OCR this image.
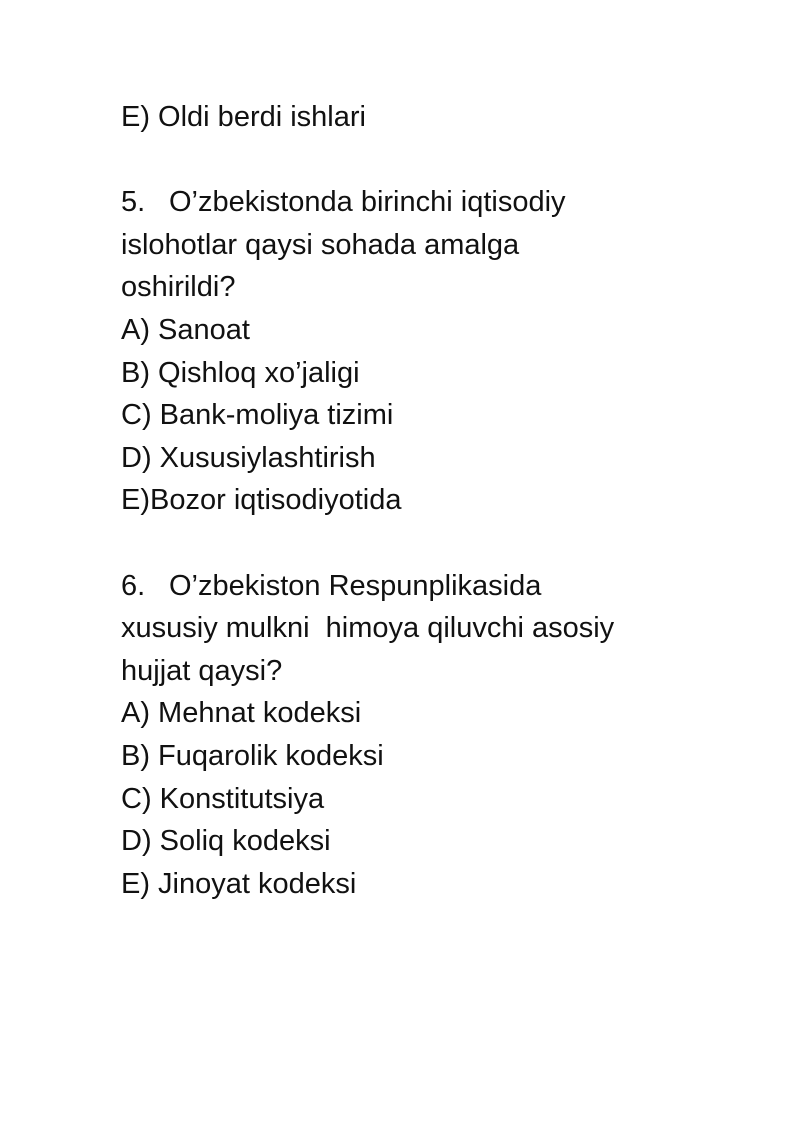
E) Oldi berdi ishlari

5. O’zbekistonda birinchi iqtisodiy

islohotlar qaysi sohada amalga

oshirildi?

A) Sanoat

B) Qishloq xo’jaligi

C) Bank-moliya tizimi

D) Xususiylashtirish

E)Bozor iqtisodiyotida

6. O’zbekiston Respunplikasida

xususiy mulkni  himoya qiluvchi asosiy

hujjat qaysi?

A) Mehnat kodeksi

B) Fuqarolik kodeksi

C) Konstitutsiya

D) Soliq kodeksi

E) Jinoyat kodeksi
